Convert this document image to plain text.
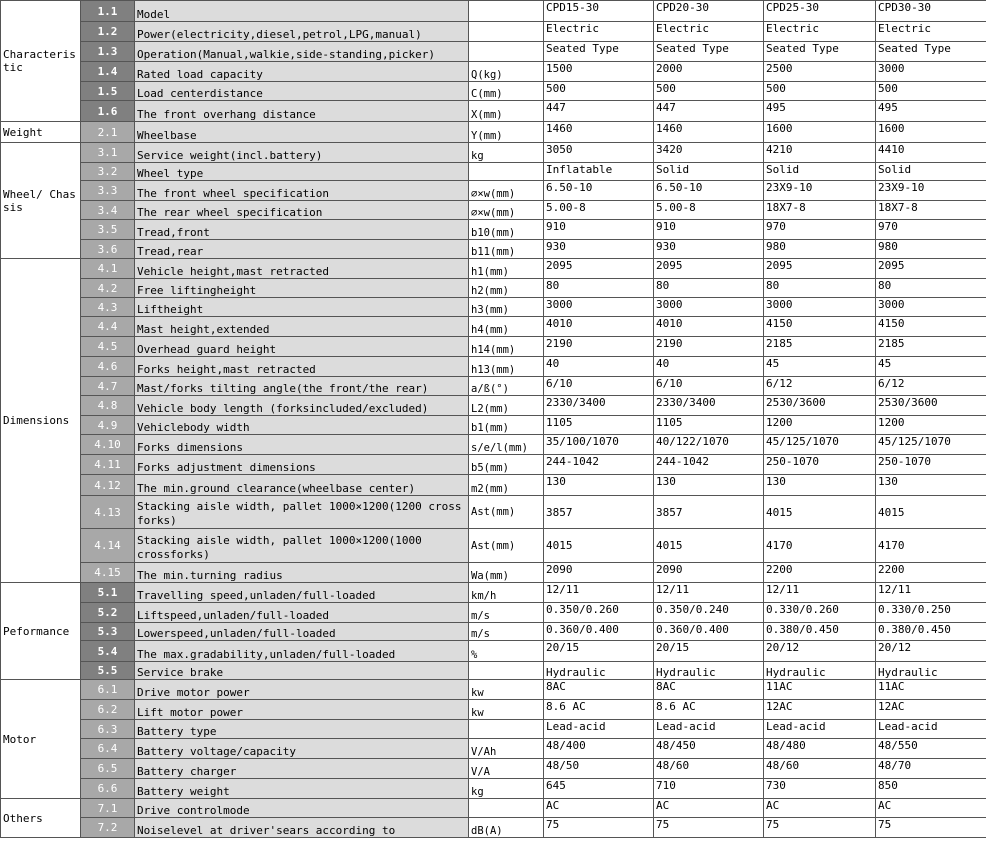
Characteristic	1.1	Model		CPD15-30	CPD20-30	CPD25-30	CPD30-30
	1.2	Power(electricity,diesel,petrol,LPG,manual)		Electric	Electric	Electric	Electric
	1.3	Operation(Manual,walkie,side-standing,picker)		Seated Type	Seated Type	Seated Type	Seated Type
	1.4	Rated load capacity	Q(kg)	1500	2000	2500	3000
	1.5	Load centerdistance	C(mm)	500	500	500	500
	1.6	The front overhang distance	X(mm)	447	447	495	495
Weight	2.1	Wheelbase	Y(mm)	1460	1460	1600	1600
Wheel/ Chassis	3.1	Service weight(incl.battery)	kg	3050	3420	4210	4410
	3.2	Wheel type		Inflatable	Solid	Solid	Solid
	3.3	The front wheel specification	⌀×w(mm)	6.50-10	6.50-10	23X9-10	23X9-10
	3.4	The rear wheel specification	⌀×w(mm)	5.00-8	5.00-8	18X7-8	18X7-8
	3.5	Tread,front	b10(mm)	910	910	970	970
	3.6	Tread,rear	b11(mm)	930	930	980	980
Dimensions	4.1	Vehicle height,mast retracted	h1(mm)	2095	2095	2095	2095
	4.2	Free liftingheight	h2(mm)	80	80	80	80
	4.3	Liftheight	h3(mm)	3000	3000	3000	3000
	4.4	Mast height,extended	h4(mm)	4010	4010	4150	4150
	4.5	Overhead guard height	h14(mm)	2190	2190	2185	2185
	4.6	Forks height,mast retracted	h13(mm)	40	40	45	45
	4.7	Mast/forks tilting angle(the front/the rear)	a/ß(°)	6/10	6/10	6/12	6/12
	4.8	Vehicle body length (forksincluded/excluded)	L2(mm)	2330/3400	2330/3400	2530/3600	2530/3600
	4.9	Vehiclebody width	b1(mm)	1105	1105	1200	1200
	4.10	Forks dimensions	s/e/l(mm)	35/100/1070	40/122/1070	45/125/1070	45/125/1070
	4.11	Forks adjustment dimensions	b5(mm)	244-1042	244-1042	250-1070	250-1070
	4.12	The min.ground clearance(wheelbase center)	m2(mm)	130	130	130	130
	4.13	Stacking aisle width, pallet 1000×1200(1200 cross forks)	Ast(mm)	3857	3857	4015	4015
	4.14	Stacking aisle width, pallet 1000×1200(1000 crossforks)	Ast(mm)	4015	4015	4170	4170
	4.15	The min.turning radius	Wa(mm)	2090	2090	2200	2200
Peformance	5.1	Travelling speed,unladen/full-loaded	km/h	12/11	12/11	12/11	12/11
	5.2	Liftspeed,unladen/full-loaded	m/s	0.350/0.260	0.350/0.240	0.330/0.260	0.330/0.250
	5.3	Lowerspeed,unladen/full-loaded	m/s	0.360/0.400	0.360/0.400	0.380/0.450	0.380/0.450
	5.4	The max.gradability,unladen/full-loaded	%	20/15	20/15	20/12	20/12
	5.5	Service brake		Hydraulic	Hydraulic	Hydraulic	Hydraulic
Motor	6.1	Drive motor power	kw	8AC	8AC	11AC	11AC
	6.2	Lift motor power	kw	8.6 AC	8.6 AC	12AC	12AC
	6.3	Battery type		Lead-acid	Lead-acid	Lead-acid	Lead-acid
	6.4	Battery voltage/capacity	V/Ah	48/400	48/450	48/480	48/550
	6.5	Battery charger	V/A	48/50	48/60	48/60	48/70
	6.6	Battery weight	kg	645	710	730	850
Others	7.1	Drive controlmode		AC	AC	AC	AC
	7.2	Noiselevel at driver'sears according to	dB(A)	75	75	75	75
